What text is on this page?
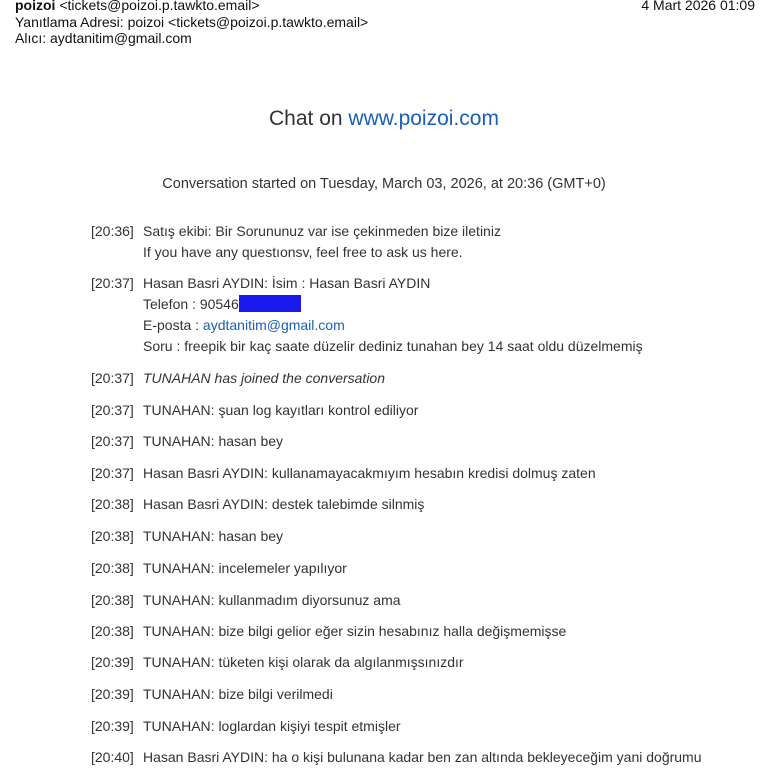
poizoi <tickets@poizoi.p.tawkto.email>
Yanıtlama Adresi: poizoi <tickets@poizoi.p.tawkto.email>
Alıcı: aydtanitim@gmail.com
4 Mart 2026 01:09
Chat on www.poizoi.com
Conversation started on Tuesday, March 03, 2026, at 20:36 (GMT+0)
[20:36] Satış ekibi: Bir Sorununuz var ise çekinmeden bize iletiniz
If you have any questıonsv, feel free to ask us here.
[20:37] Hasan Basri AYDIN: İsim : Hasan Basri AYDIN
Telefon : 90546
E-posta : aydtanitim@gmail.com
Soru : freepik bir kaç saate düzelir dediniz tunahan bey 14 saat oldu düzelmemiş
[20:37] TUNAHAN has joined the conversation
[20:37] TUNAHAN: şuan log kayıtları kontrol ediliyor
[20:37] TUNAHAN: hasan bey
[20:37] Hasan Basri AYDIN: kullanamayacakmıyım hesabın kredisi dolmuş zaten
[20:38] Hasan Basri AYDIN: destek talebimde silnmiş
[20:38] TUNAHAN: hasan bey
[20:38] TUNAHAN: incelemeler yapılıyor
[20:38] TUNAHAN: kullanmadım diyorsunuz ama
[20:38] TUNAHAN: bize bilgi gelior eğer sizin hesabınız halla değişmemişse
[20:39] TUNAHAN: tüketen kişi olarak da algılanmışsınızdır
[20:39] TUNAHAN: bize bilgi verilmedi
[20:39] TUNAHAN: loglardan kişiyi tespit etmişler
[20:40] Hasan Basri AYDIN: ha o kişi bulunana kadar ben zan altında bekleyeceğim yani doğrumu
